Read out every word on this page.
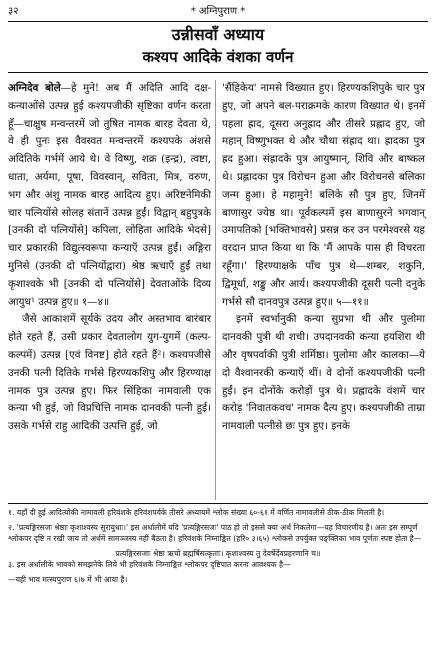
३२	* अग्निपुराण *
उन्नीसवाँ अध्याय
कश्यप आदिके वंशका वर्णन

अग्निदेव बोले—हे मुने! अब मैं अदिति आदि दक्ष-कन्याओंसे उत्पन्न हुई कश्यपजीकी सृष्टिका वर्णन करता हूँ—चाक्षुष मन्वन्तरमें जो तुषित नामक बारह देवता थे, वे ही पुनः इस वैवस्वत मन्वन्तरमें कश्यपके अंशसे अदितिके गर्भमें आये थे। वे विष्णु, शक्र (इन्द्र), त्वष्टा, धाता, अर्यमा, पूषा, विवस्वान्, सविता, मित्र, वरुण, भग और अंशु नामक बारह आदित्य हुए। अरिष्टनेमिकी चार पत्नियोंसे सोलह संतानें उत्पन्न हुईं। विद्वान् बहुपुत्रके [उनकी दो पत्नियोंसे] कपिला, लोहिता आदिके भेदसे] चार प्रकारकी विद्युत्स्वरूपा कन्याएँ उत्पन्न हुईं। अङ्गिरा मुनिसे (उनकी दो पत्नियोंद्वारा) श्रेष्ठ ऋचाएँ हुईं तथा कृशाश्वके भी [उनकी दो पत्नियोंसे] देवताओंके दिव्य आयुध¹ उत्पन्न हुए॥ १—४॥

जैसे आकाशमें सूर्यके उदय और अस्तभाव बारंबार होते रहते हैं, उसी प्रकार देवतालोग युग-युगमें (कल्प-कल्पमें) उत्पन्न [एवं विनष्ट] होते रहते हैं²। कश्यपजीसे उनकी पत्नी दितिके गर्भसे हिरण्यकशिपु और हिरण्याक्ष नामक पुत्र उत्पन्न हुए। फिर सिंहिका नामवाली एक कन्या भी हुई, जो विप्रचित्ति नामक दानवकी पत्नी हुई। उसके गर्भसे राहु आदिकी उत्पत्ति हुई, जो

'सैंहिकेय' नामसे विख्यात हुए। हिरण्यकशिपुके चार पुत्र हुए, जो अपने बल-पराक्रमके कारण विख्यात थे। इनमें पहला ह्राद, दूसरा अनुह्राद और तीसरे प्रह्लाद हुए, जो महान् विष्णुभक्त थे और चौथा संह्राद था। ह्रादका पुत्र ह्रद हुआ। संह्रादके पुत्र आयुष्मान्, शिवि और बाष्कल थे। प्रह्लादका पुत्र विरोचन हुआ और विरोचनसे बलिका जन्म हुआ। हे महामुने! बलिके सौ पुत्र हुए, जिनमें बाणासुर ज्येष्ठ था। पूर्वकल्पमें इस बाणासुरने भगवान् उमापतिको [भक्तिभावसे] प्रसन्न कर उन परमेश्वरसे यह वरदान प्राप्त किया था कि 'मैं आपके पास ही विचरता रहूँगा।' हिरण्याक्षके पाँच पुत्र थे—शम्बर, शकुनि, द्विमूर्धा, शङ्कु और आर्य। कश्यपजीकी दूसरी पत्नी दनुके गर्भसे सौ दानवपुत्र उत्पन्न हुए॥ ५—११॥

इनमें स्वर्भानुकी कन्या सुप्रभा थी और पुलोमा दानवकी पुत्री थी शची। उपदानवकी कन्या हयशिरा थी और वृषपर्वाकी पुत्री शर्मिष्ठा। पुलोमा और कालका—ये दो वैश्वानरकी कन्याएँ थीं। वे दोनों कश्यपजीकी पत्नी हुईं। इन दोनोंके करोड़ों पुत्र थे। प्रह्लादके वंशमें चार करोड़ 'निवातकवच' नामक दैत्य हुए। कश्यपजीकी ताम्रा नामवाली पत्नीसे छः पुत्र हुए। इनके

१. यहाँ दी हुई आदित्योंकी नामावली हरिवंशके हरिवंशपर्वके तीसरे अध्यायमें श्लोक संख्या ६०-६१ में वर्णित नामावलीसे ठीक-ठीक मिलती है।

२. 'प्रत्यङ्गिरसजः श्रेष्ठाः कृशाश्वस्य सुरायुधाः।' इस अर्धालीमें यदि 'प्रत्यङ्गिरसजः' पाठ हो तो इससे क्या अर्थ निकलेगा—यह विचारणीय है। अतः इस सम्पूर्ण श्लोकपर दृष्टि न रखी जाय तो अर्थमें सामञ्जस्य नहीं बैठता है। हरिवंशके निम्नाङ्कित (हरि० ३।६५) श्लोकसे उपर्युक्त पङ्क्तिका भाव पूर्णतः स्पष्ट होता है—

प्रत्यङ्गिरसजाः श्रेष्ठा ऋचो ब्रह्मर्षिसत्कृताः। कृशाश्वस्य तु देवर्षेर्देवप्रहरणानि च॥

३. इस अर्धालीके भावको समझनेके लिये भी हरिवंशके निम्नाङ्कित श्लोकपर दृष्टिपात करना आवश्यक है—

—यही भाव मत्स्यपुराण ६।७ में भी आया है।
